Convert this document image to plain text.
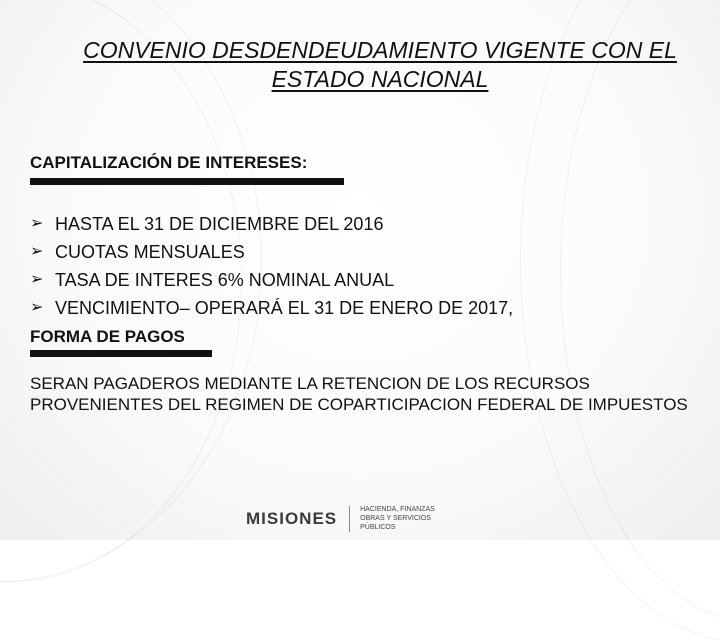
CONVENIO DESDENDEUDAMIENTO VIGENTE CON EL
ESTADO NACIONAL
CAPITALIZACIÓN DE INTERESES:
➢ HASTA EL 31 DE DICIEMBRE DEL 2016
➢ CUOTAS MENSUALES
➢ TASA DE INTERES 6% NOMINAL ANUAL
➢ VENCIMIENTO– OPERARÁ EL 31 DE ENERO DE 2017,
FORMA DE PAGOS

SERAN PAGADEROS MEDIANTE LA RETENCION DE LOS RECURSOS PROVENIENTES DEL REGIMEN DE COPARTICIPACION FEDERAL DE IMPUESTOS

MISIONES	HACIENDA, FINANZAS
OBRAS Y SERVICIOS PÚBLICOS
